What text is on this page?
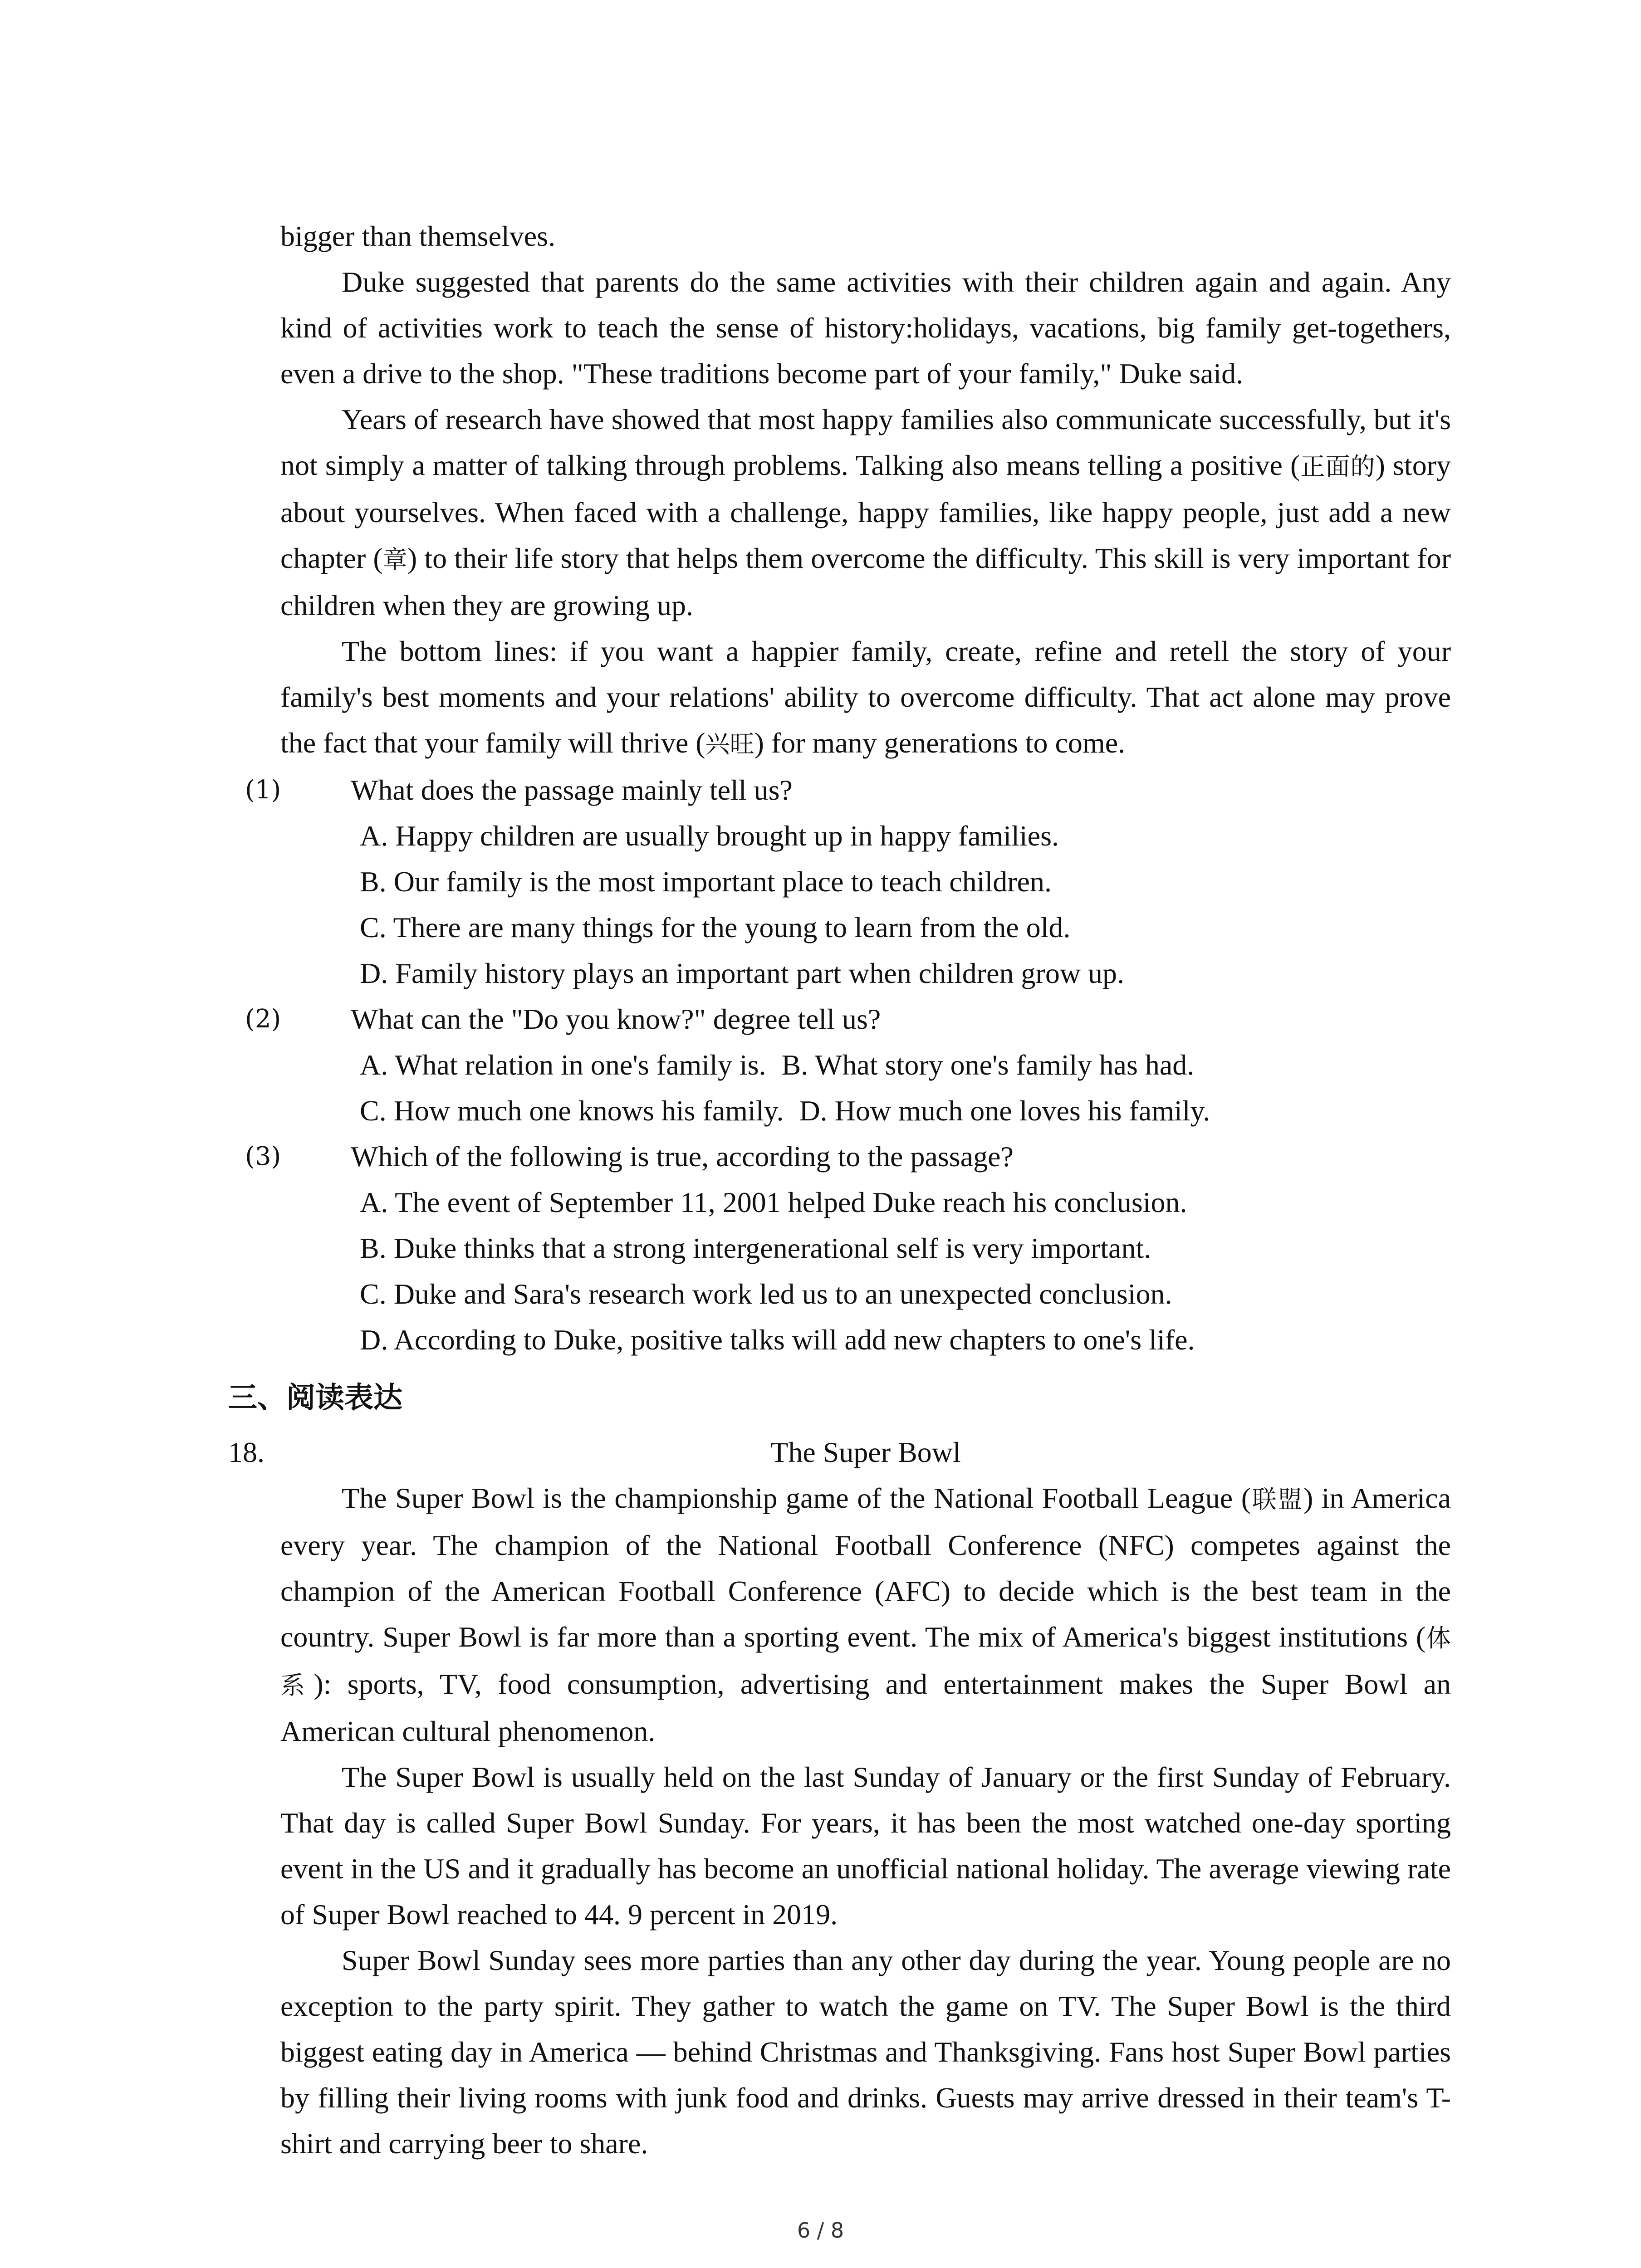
bigger than themselves.

Duke suggested that parents do the same activities with their children again and again. Any kind of activities work to teach the sense of history:holidays, vacations, big family get-togethers, even a drive to the shop. "These traditions become part of your family," Duke said.

Years of research have showed that most happy families also communicate successfully, but it's not simply a matter of talking through problems. Talking also means telling a positive (正面的) story about yourselves. When faced with a challenge, happy families, like happy people, just add a new chapter (章) to their life story that helps them overcome the difficulty. This skill is very important for children when they are growing up.

The bottom lines: if you want a happier family, create, refine and retell the story of your family's best moments and your relations' ability to overcome difficulty. That act alone may prove the fact that your family will thrive (兴旺) for many generations to come.

(1) What does the passage mainly tell us?
A. Happy children are usually brought up in happy families.
B. Our family is the most important place to teach children.
C. There are many things for the young to learn from the old.
D. Family history plays an important part when children grow up.
(2) What can the "Do you know?" degree tell us?
A. What relation in one's family is. B. What story one's family has had.
C. How much one knows his family. D. How much one loves his family.
(3) Which of the following is true, according to the passage?
A. The event of September 11, 2001 helped Duke reach his conclusion.
B. Duke thinks that a strong intergenerational self is very important.
C. Duke and Sara's research work led us to an unexpected conclusion.
D. According to Duke, positive talks will add new chapters to one's life.
三、阅读表达
18.	The Super Bowl

The Super Bowl is the championship game of the National Football League (联盟) in America every year. The champion of the National Football Conference (NFC) competes against the champion of the American Football Conference (AFC) to decide which is the best team in the country. Super Bowl is far more than a sporting event. The mix of America's biggest institutions (体系): sports, TV, food consumption, advertising and entertainment makes the Super Bowl an American cultural phenomenon.

The Super Bowl is usually held on the last Sunday of January or the first Sunday of February. That day is called Super Bowl Sunday. For years, it has been the most watched one-day sporting event in the US and it gradually has become an unofficial national holiday. The average viewing rate of Super Bowl reached to 44. 9 percent in 2019.

Super Bowl Sunday sees more parties than any other day during the year. Young people are no exception to the party spirit. They gather to watch the game on TV. The Super Bowl is the third biggest eating day in America — behind Christmas and Thanksgiving. Fans host Super Bowl parties by filling their living rooms with junk food and drinks. Guests may arrive dressed in their team's T-shirt and carrying beer to share.

6 / 8
